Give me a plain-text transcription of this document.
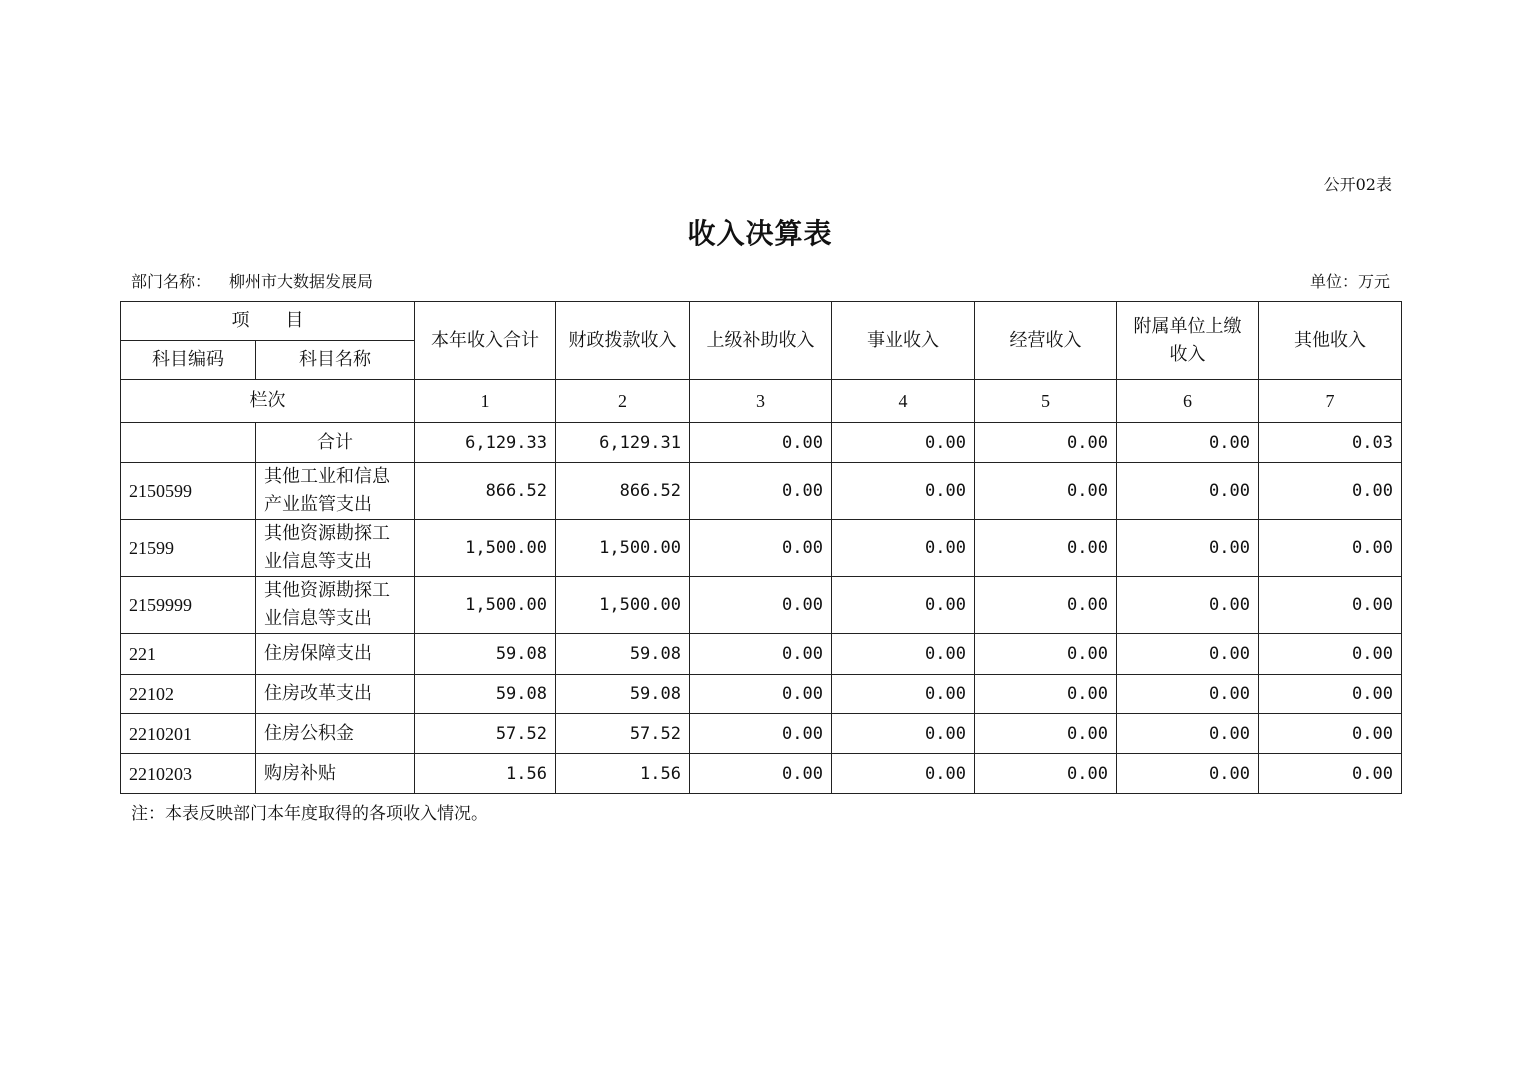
公开02表
收入决算表
部门名称： 柳州市大数据发展局	单位：万元
项　　目		本年收入合计	财政拨款收入	上级补助收入	事业收入	经营收入	附属单位上缴收入	其他收入
科目编码	科目名称							
栏次		1	2	3	4	5	6	7
	合计	6,129.33	6,129.31	0.00	0.00	0.00	0.00	0.03
2150599	其他工业和信息产业监管支出	866.52	866.52	0.00	0.00	0.00	0.00	0.00
21599	其他资源勘探工业信息等支出	1,500.00	1,500.00	0.00	0.00	0.00	0.00	0.00
2159999	其他资源勘探工业信息等支出	1,500.00	1,500.00	0.00	0.00	0.00	0.00	0.00
221	住房保障支出	59.08	59.08	0.00	0.00	0.00	0.00	0.00
22102	住房改革支出	59.08	59.08	0.00	0.00	0.00	0.00	0.00
2210201	住房公积金	57.52	57.52	0.00	0.00	0.00	0.00	0.00
2210203	购房补贴	1.56	1.56	0.00	0.00	0.00	0.00	0.00
注：本表反映部门本年度取得的各项收入情况。
